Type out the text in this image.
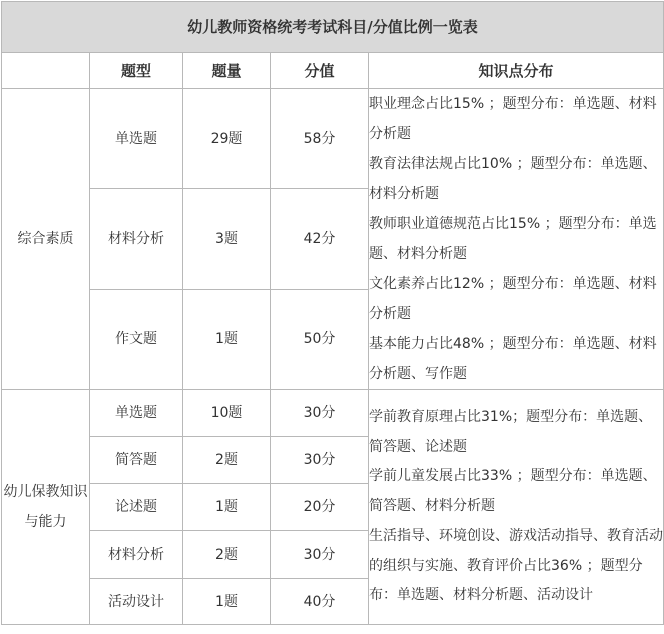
幼儿教师资格统考考试科目/分值比例一览表				
	题型	题量	分值	知识点分布
综合素质	单选题	29题	58分	职业理念占比15% ；题型分布：单选题、材料分析题
教育法律法规占比10% ；题型分布：单选题、材料分析题
教师职业道德规范占比15% ；题型分布：单选题、材料分析题
文化素养占比12% ；题型分布：单选题、材料分析题
基本能力占比48% ；题型分布：单选题、材料分析题、写作题

	材料分析	3题	42分	
	作文题	1题	50分	
幼儿保教知识与能力	单选题	10题	30分	学前教育原理占比31%；题型分布：单选题、简答题、论述题
学前儿童发展占比33% ；题型分布：单选题、简答题、材料分析题
生活指导、环境创设、游戏活动指导、教育活动的组织与实施、教育评价占比36% ；题型分布：单选题、材料分析题、活动设计

	简答题	2题	30分	
	论述题	1题	20分	
	材料分析	2题	30分	
	活动设计	1题	40分	
